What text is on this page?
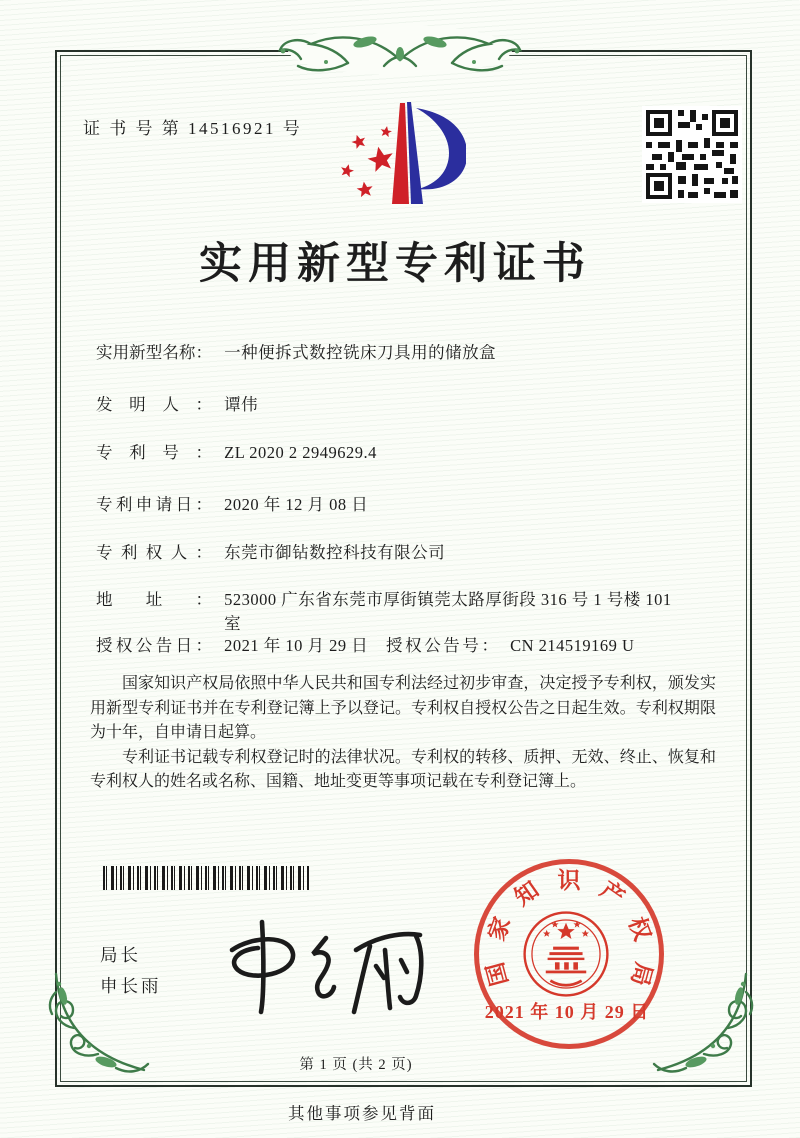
证 书 号 第 14516921 号
实用新型专利证书
实用新型名称： 一种便拆式数控铣床刀具用的储放盒
发明人： 谭伟
专利号： ZL 2020 2 2949629.4
专利申请日： 2020 年 12 月 08 日
专利权人： 东莞市御钻数控科技有限公司
地址： 523000 广东省东莞市厚街镇莞太路厚街段 316 号 1 号楼 101 室
授权公告日： 2021 年 10 月 29 日 授权公告号： CN 214519169 U

国家知识产权局依照中华人民共和国专利法经过初步审查，决定授予专利权，颁发实用新型专利证书并在专利登记簿上予以登记。专利权自授权公告之日起生效。专利权期限为十年，自申请日起算。

专利证书记载专利权登记时的法律状况。专利权的转移、质押、无效、终止、恢复和专利权人的姓名或名称、国籍、地址变更等事项记载在专利登记簿上。

局长
申长雨	国
家
知 识 产
权
局
2021 年 10 月 29 日
第 1 页 (共 2 页)
其他事项参见背面
